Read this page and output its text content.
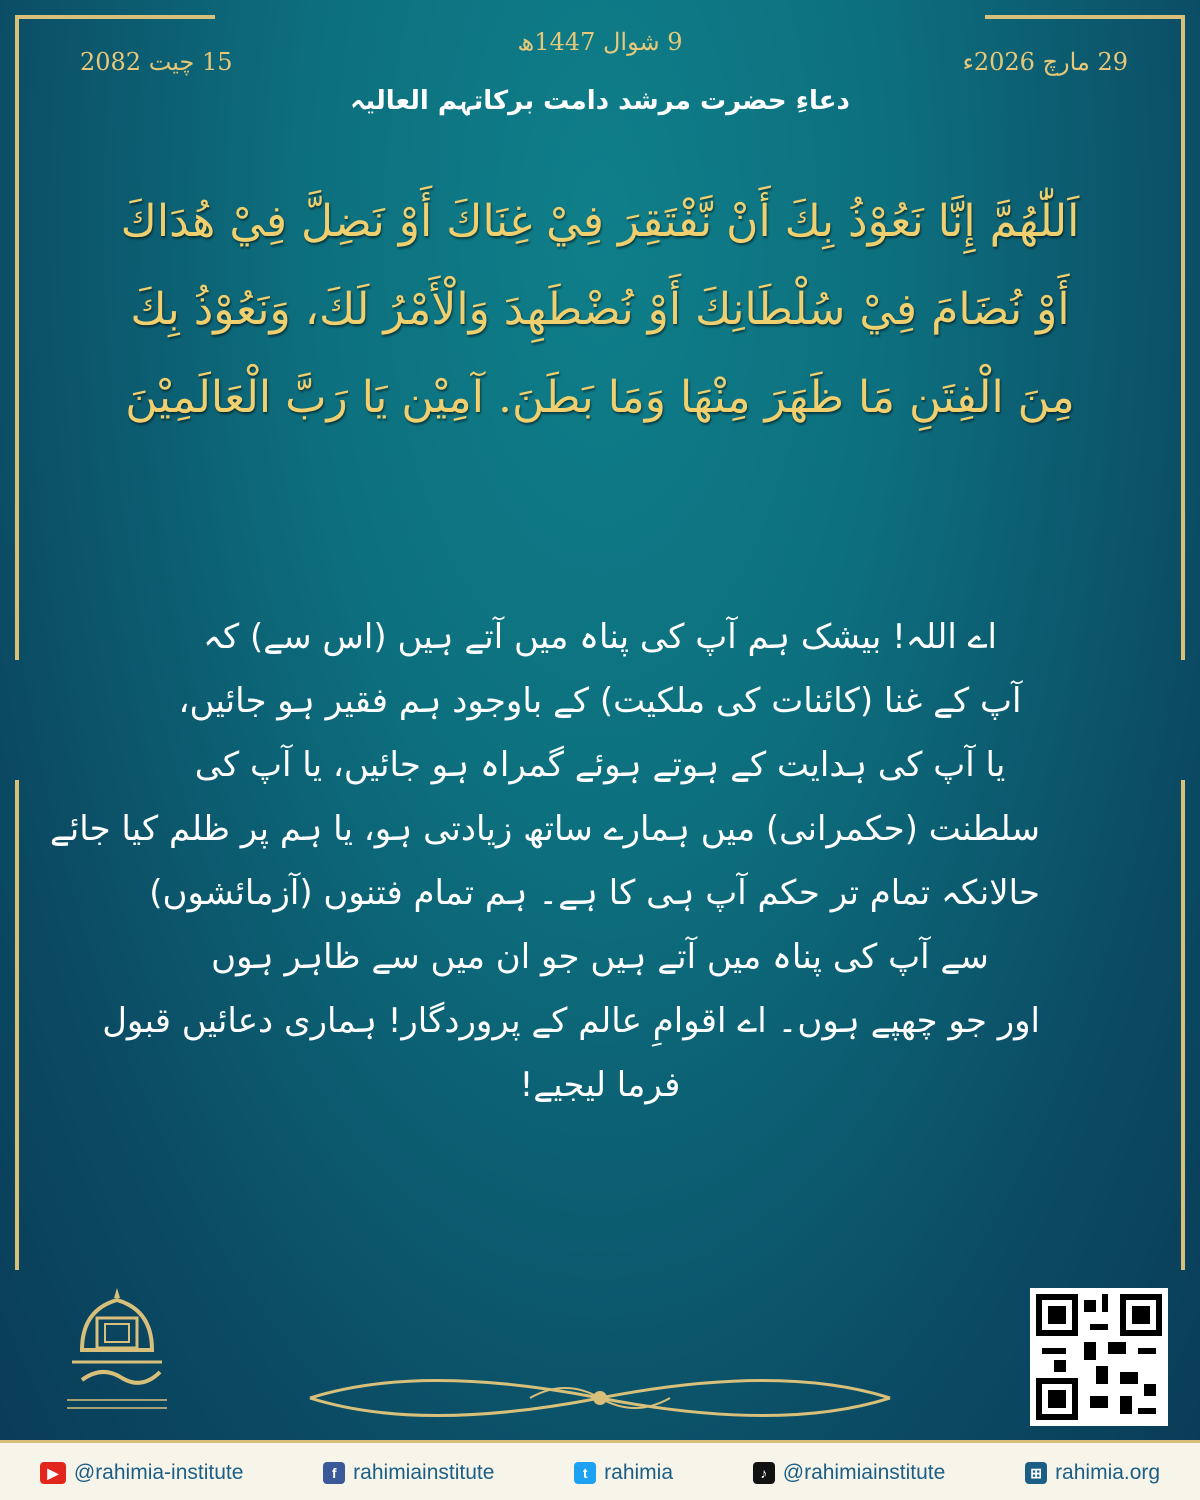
9 شوال 1447ھ
29 مارچ 2026ء
15 چیت 2082
دعاءِ حضرت مرشد دامت برکاتہم العالیہ
اَللّٰهُمَّ إِنَّا نَعُوْذُ بِكَ أَنْ نَّفْتَقِرَ فِيْ غِنَاكَ أَوْ نَضِلَّ فِيْ هُدَاكَ
أَوْ نُضَامَ فِيْ سُلْطَانِكَ أَوْ نُضْطَهِدَ وَالْأَمْرُ لَكَ، وَنَعُوْذُ بِكَ
مِنَ الْفِتَنِ مَا ظَهَرَ مِنْهَا وَمَا بَطَنَ. آمِيْن يَا رَبَّ الْعَالَمِيْنَ
اے اللہ! بیشک ہم آپ کی پناہ میں آتے ہیں (اس سے) کہ
آپ کے غنا (کائنات کی ملکیت) کے باوجود ہم فقیر ہو جائیں،
یا آپ کی ہدایت کے ہوتے ہوئے گمراہ ہو جائیں، یا آپ کی
سلطنت (حکمرانی) میں ہمارے ساتھ زیادتی ہو، یا ہم پر ظلم کیا جائے
حالانکہ تمام تر حکم آپ ہی کا ہے۔ ہم تمام فتنوں (آزمائشوں)
سے آپ کی پناہ میں آتے ہیں جو ان میں سے ظاہر ہوں
اور جو چھپے ہوں۔ اے اقوامِ عالم کے پروردگار! ہماری دعائیں قبول
فرما لیجیے!
▶ @rahimia-institute	f rahimiainstitute	t rahimia	♪ @rahimiainstitute	⊞ rahimia.org
